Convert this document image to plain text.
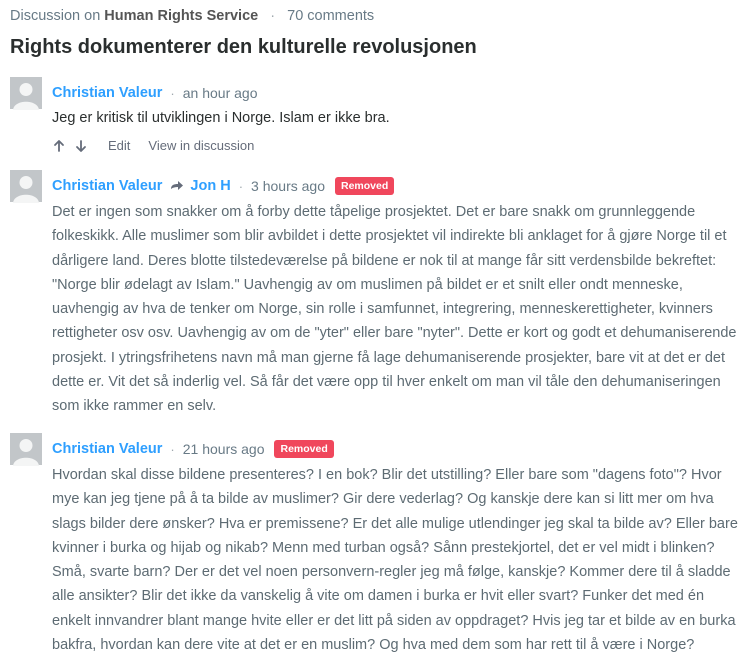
Discussion on Human Rights Service · 70 comments
Rights dokumenterer den kulturelle revolusjonen
Christian Valeur · an hour ago

Jeg er kritisk til utviklingen i Norge. Islam er ikke bra.

Edit View in discussion
Christian Valeur Jon H · 3 hours ago	Removed

Det er ingen som snakker om å forby dette tåpelige prosjektet. Det er bare snakk om grunnleggende folkeskikk. Alle muslimer som blir avbildet i dette prosjektet vil indirekte bli anklaget for å gjøre Norge til et dårligere land. Deres blotte tilstedeværelse på bildene er nok til at mange får sitt verdensbilde bekreftet: "Norge blir ødelagt av Islam." Uavhengig av om muslimen på bildet er et snilt eller ondt menneske, uavhengig av hva de tenker om Norge, sin rolle i samfunnet, integrering, menneskerettigheter, kvinners rettigheter osv osv. Uavhengig av om de "yter" eller bare "nyter". Dette er kort og godt et dehumaniserende prosjekt. I ytringsfrihetens navn må man gjerne få lage dehumaniserende prosjekter, bare vit at det er det dette er. Vit det så inderlig vel. Så får det være opp til hver enkelt om man vil tåle den dehumaniseringen som ikke rammer en selv.

Christian Valeur · 21 hours ago	Removed

Hvordan skal disse bildene presenteres? I en bok? Blir det utstilling? Eller bare som "dagens foto"? Hvor mye kan jeg tjene på å ta bilde av muslimer? Gir dere vederlag? Og kanskje dere kan si litt mer om hva slags bilder dere ønsker? Hva er premissene? Er det alle mulige utlendinger jeg skal ta bilde av? Eller bare kvinner i burka og hijab og nikab? Menn med turban også? Sånn prestekjortel, det er vel midt i blinken? Små, svarte barn? Der er det vel noen personvern-regler jeg må følge, kanskje? Kommer dere til å sladde alle ansikter? Blir det ikke da vanskelig å vite om damen i burka er hvit eller svart? Funker det med én enkelt innvandrer blant mange hvite eller er det litt på siden av oppdraget? Hvis jeg tar et bilde av en burka bakfra, hvordan kan dere vite at det er en muslim? Og hva med dem som har rett til å være i Norge?
